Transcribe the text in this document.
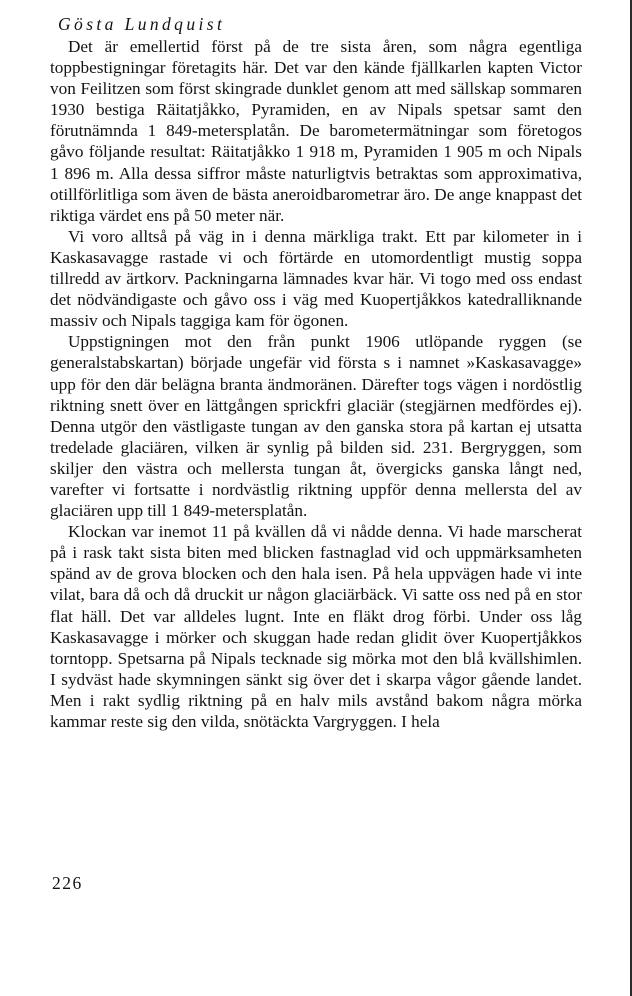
Gösta Lundquist

Det är emellertid först på de tre sista åren, som några egentliga toppbestigningar företagits här. Det var den kände fjällkarlen kapten Victor von Feilitzen som först skingrade dunklet genom att med sällskap sommaren 1930 bestiga Räitatjåkko, Pyramiden, en av Nipals spetsar samt den förutnämnda 1 849-metersplatån. De barometermätningar som företogos gåvo följande resultat: Räitatjåkko 1 918 m, Pyramiden 1 905 m och Nipals 1 896 m. Alla dessa siffror måste naturligtvis betraktas som approximativa, otillförlitliga som även de bästa aneroidbarometrar äro. De ange knappast det riktiga värdet ens på 50 meter när.

Vi voro alltså på väg in i denna märkliga trakt. Ett par kilometer in i Kaskasavagge rastade vi och förtärde en utomordentligt mustig soppa tillredd av ärtkorv. Packningarna lämnades kvar här. Vi togo med oss endast det nödvändigaste och gåvo oss i väg med Kuopertjåkkos katedralliknande massiv och Nipals taggiga kam för ögonen.

Uppstigningen mot den från punkt 1906 utlöpande ryggen (se generalstabskartan) började ungefär vid första s i namnet »Kaskasavagge» upp för den där belägna branta ändmoränen. Därefter togs vägen i nordöstlig riktning snett över en lättgången sprickfri glaciär (stegjärnen medfördes ej). Denna utgör den västligaste tungan av den ganska stora på kartan ej utsatta tredelade glaciären, vilken är synlig på bilden sid. 231. Bergryggen, som skiljer den västra och mellersta tungan åt, övergicks ganska långt ned, varefter vi fortsatte i nordvästlig riktning uppför denna mellersta del av glaciären upp till 1 849-metersplatån.

Klockan var inemot 11 på kvällen då vi nådde denna. Vi hade marscherat på i rask takt sista biten med blicken fastnaglad vid och uppmärksamheten spänd av de grova blocken och den hala isen. På hela uppvägen hade vi inte vilat, bara då och då druckit ur någon glaciärbäck. Vi satte oss ned på en stor flat häll. Det var alldeles lugnt. Inte en fläkt drog förbi. Under oss låg Kaskasavagge i mörker och skuggan hade redan glidit över Kuopertjåkkos torntopp. Spetsarna på Nipals tecknade sig mörka mot den blå kvällshimlen. I sydväst hade skymningen sänkt sig över det i skarpa vågor gående landet. Men i rakt sydlig riktning på en halv mils avstånd bakom några mörka kammar reste sig den vilda, snötäckta Vargryggen. I hela

226
